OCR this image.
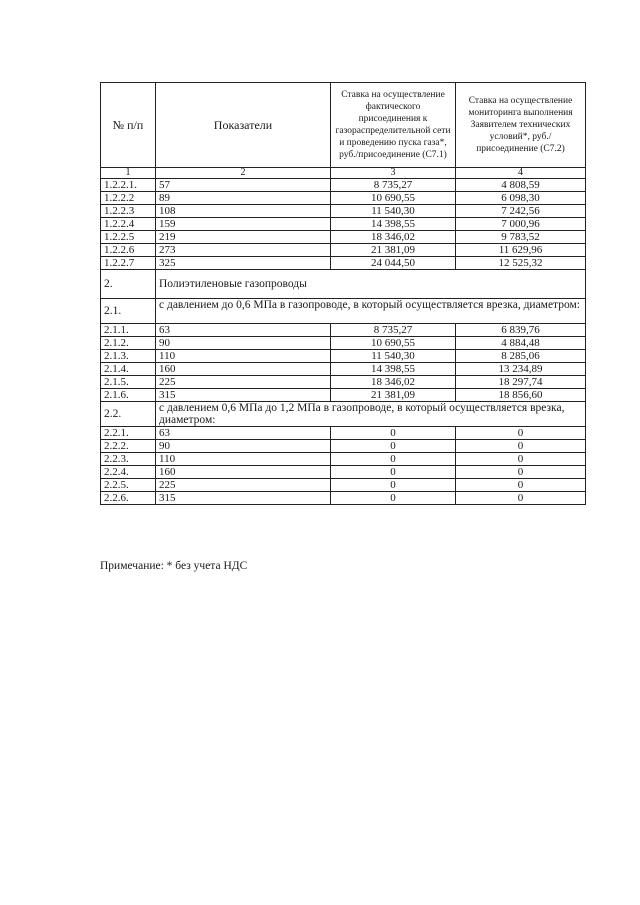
№ п/п	Показатели	Ставка на осуществление фактического присоединения к газораспределительной сети и проведению пуска газа*, руб./присоединение (С7.1)	Ставка на осуществление мониторинга выполнения Заявителем технических условий*, руб./присоединение (С7.2)
1	2	3	4
1.2.2.1.	57	8 735,27	4 808,59
1.2.2.2	89	10 690,55	6 098,30
1.2.2.3	108	11 540,30	7 242,56
1.2.2.4	159	14 398,55	7 000,96
1.2.2.5	219	18 346,02	9 783,52
1.2.2.6	273	21 381,09	11 629,96
1.2.2.7	325	24 044,50	12 525,32
2.	Полиэтиленовые газопроводы		
2.1.	с давлением до 0,6 МПа в газопроводе, в который осуществляется врезка, диаметром:		
2.1.1.	63	8 735,27	6 839,76
2.1.2.	90	10 690,55	4 884,48
2.1.3.	110	11 540,30	8 285,06
2.1.4.	160	14 398,55	13 234,89
2.1.5.	225	18 346,02	18 297,74
2.1.6.	315	21 381,09	18 856,60
2.2.	с давлением 0,6 МПа до 1,2 МПа в газопроводе, в который осуществляется врезка, диаметром:		
2.2.1.	63	0	0
2.2.2.	90	0	0
2.2.3.	110	0	0
2.2.4.	160	0	0
2.2.5.	225	0	0
2.2.6.	315	0	0
Примечание: * без учета НДС
